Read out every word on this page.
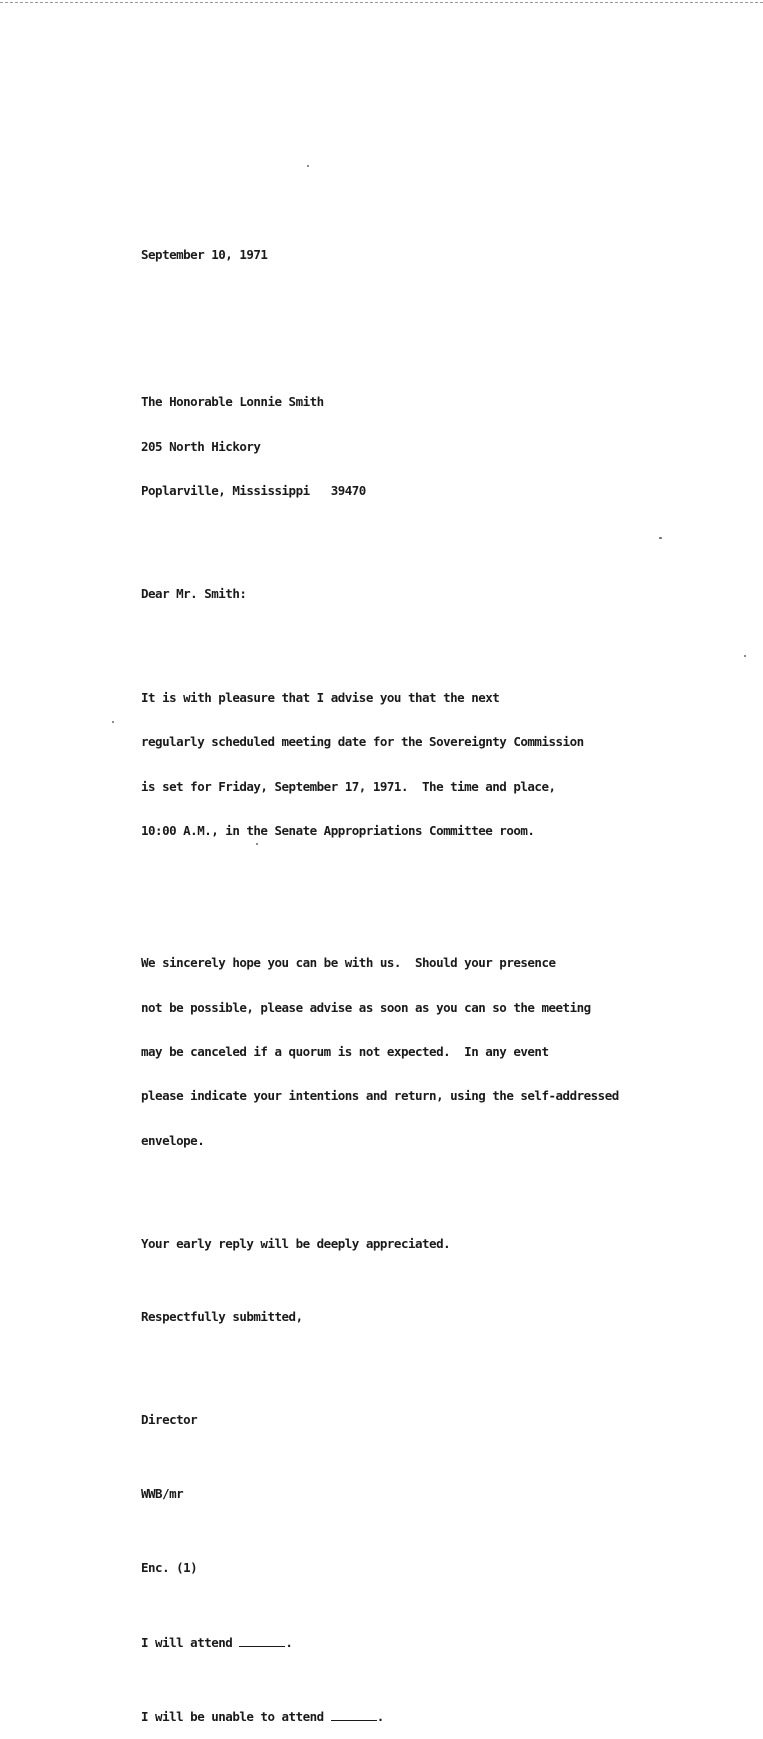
September 10, 1971

The Honorable Lonnie Smith

205 North Hickory

Poplarville, Mississippi 39470

Dear Mr. Smith:

It is with pleasure that I advise you that the next

regularly scheduled meeting date for the Sovereignty Commission

is set for Friday, September 17, 1971.  The time and place,

10:00 A.M., in the Senate Appropriations Committee room.

We sincerely hope you can be with us.  Should your presence

not be possible, please advise as soon as you can so the meeting

may be canceled if a quorum is not expected.  In any event

please indicate your intentions and return, using the self-addressed

envelope.

Your early reply will be deeply appreciated.

Respectfully submitted,

Director

WWB/mr

Enc. (1)

I will attend	.

I will be unable to attend	.
